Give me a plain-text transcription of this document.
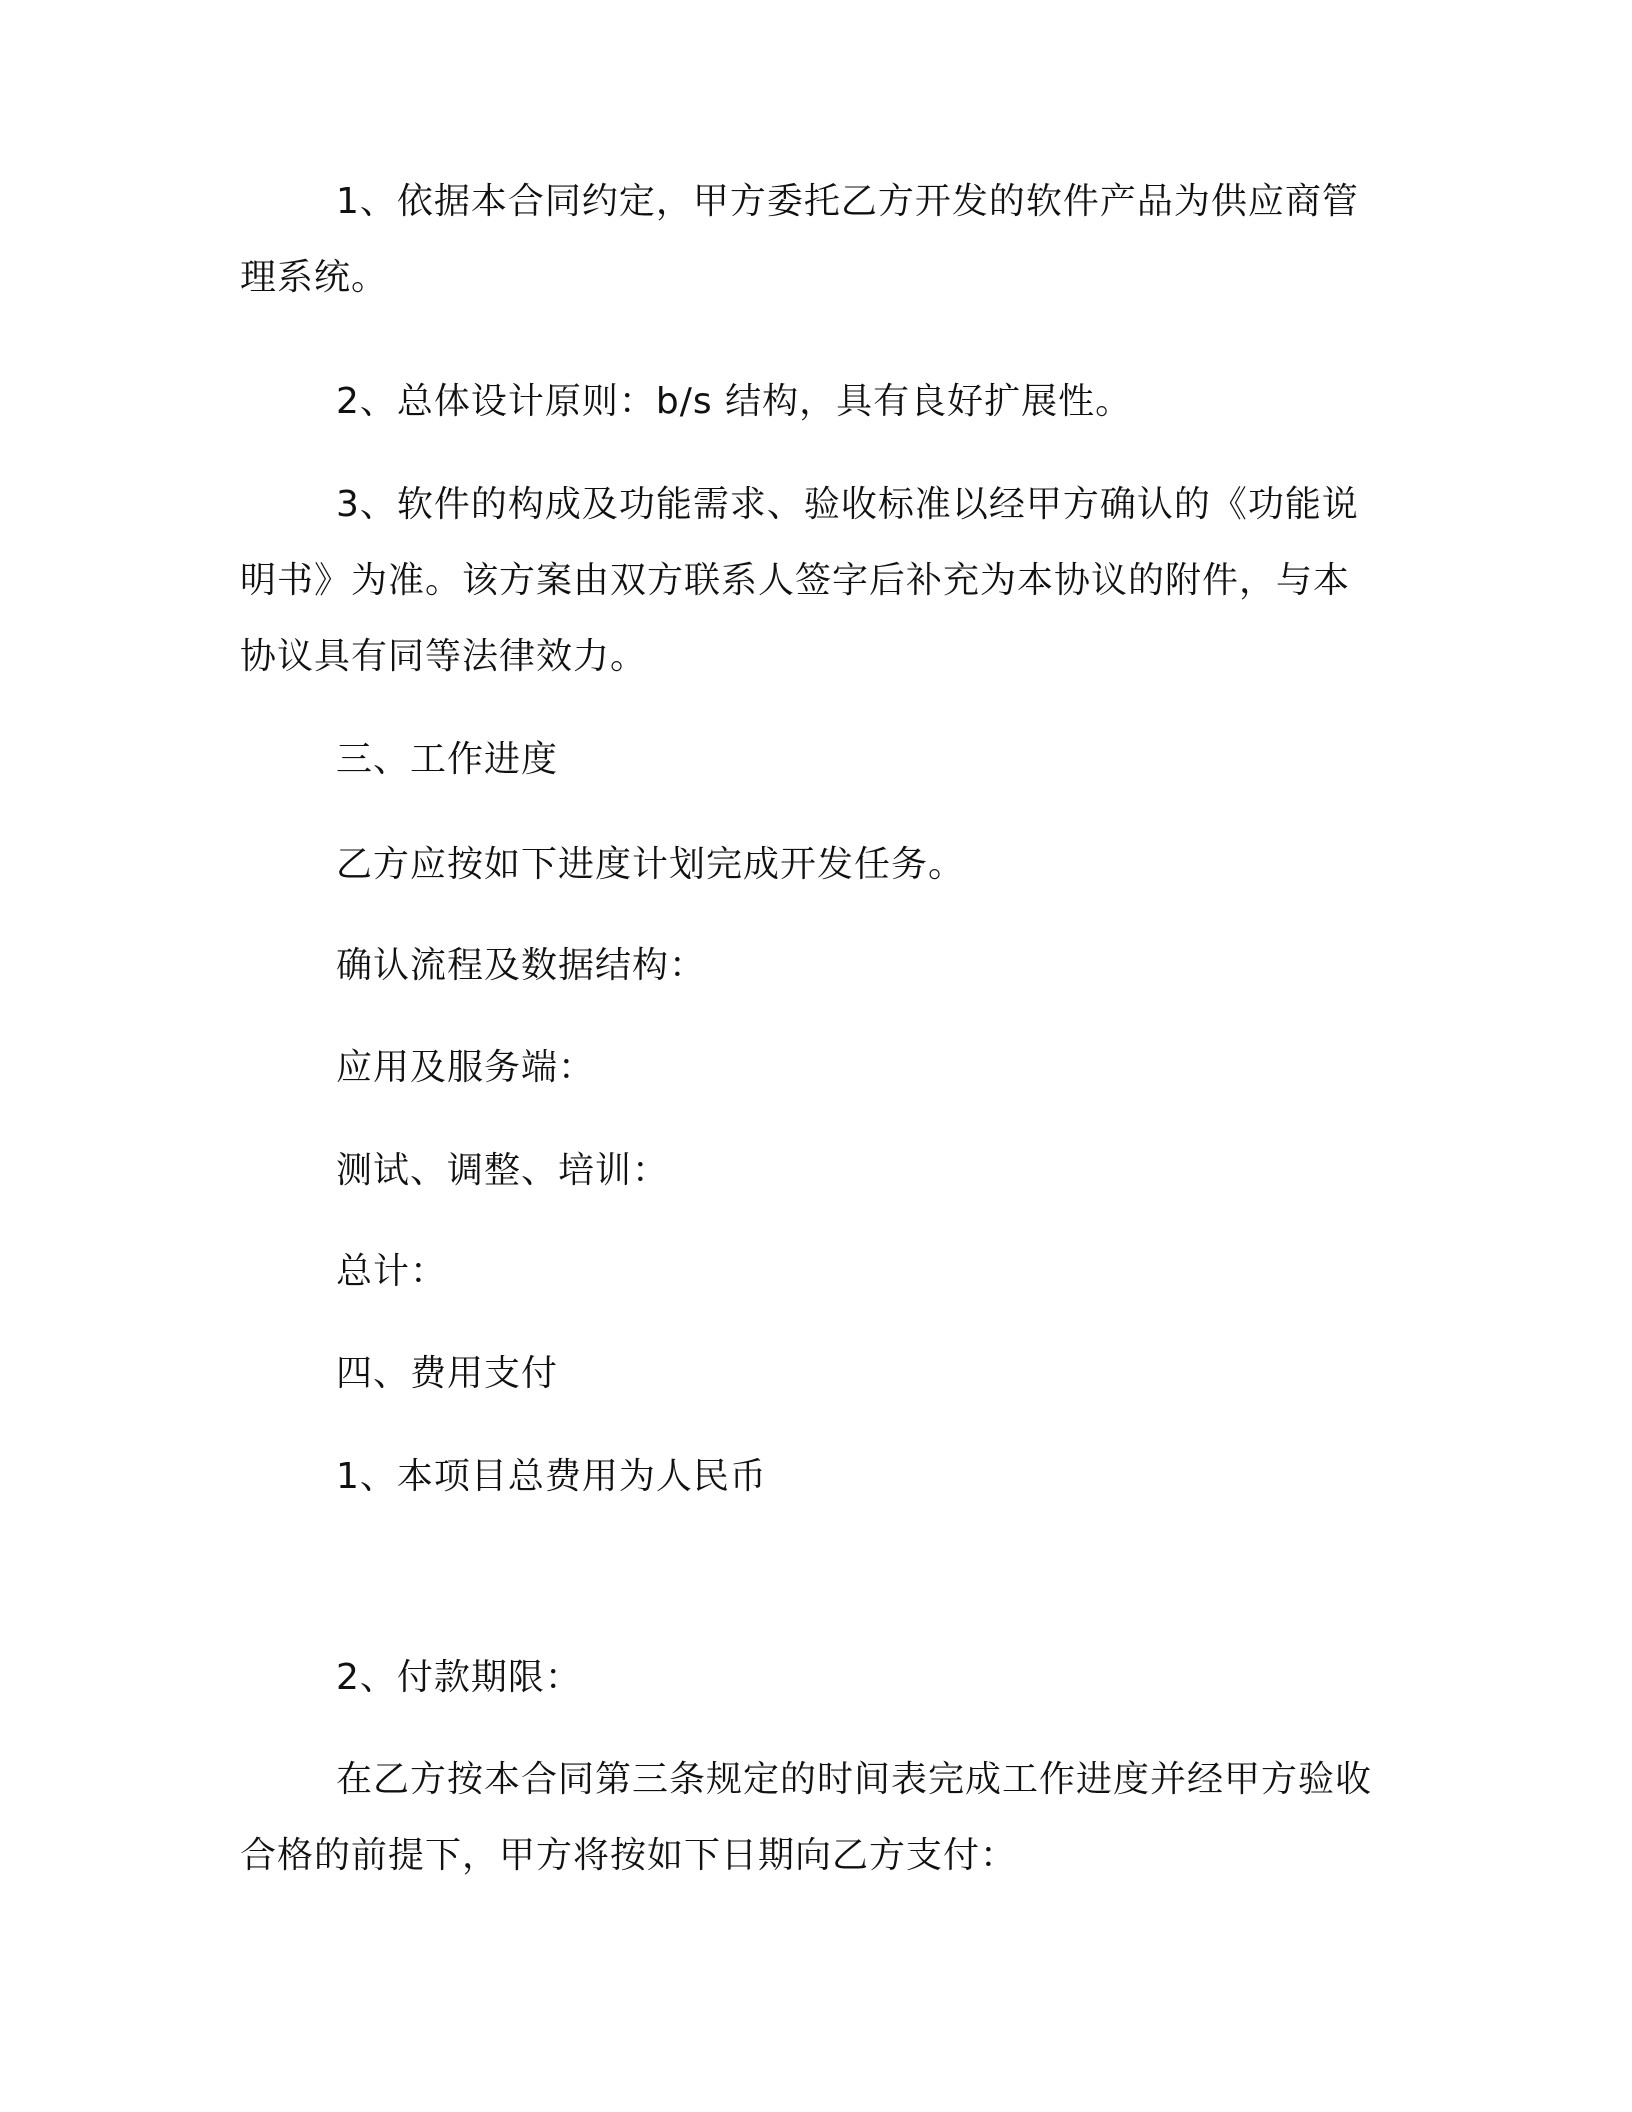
1、依据本合同约定，甲方委托乙方开发的软件产品为供应商管理系统。

2、总体设计原则：b/s 结构，具有良好扩展性。

3、软件的构成及功能需求、验收标准以经甲方确认的《功能说明书》为准。该方案由双方联系人签字后补充为本协议的附件，与本协议具有同等法律效力。

三、工作进度

乙方应按如下进度计划完成开发任务。

确认流程及数据结构：

应用及服务端：

测试、调整、培训：

总计：

四、费用支付

1、本项目总费用为人民币

2、付款期限：

在乙方按本合同第三条规定的时间表完成工作进度并经甲方验收合格的前提下，甲方将按如下日期向乙方支付：
